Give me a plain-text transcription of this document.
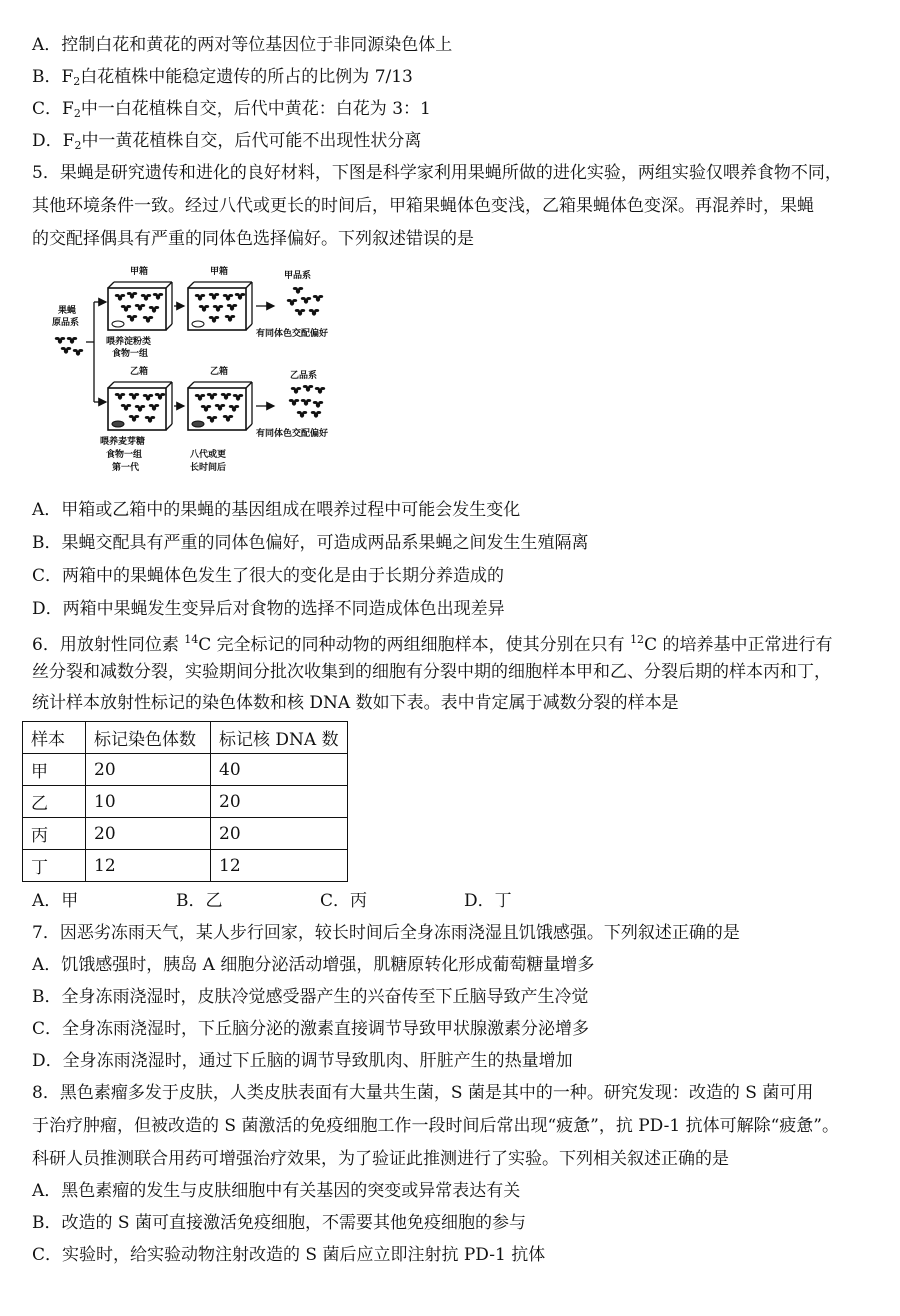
A．控制白花和黄花的两对等位基因位于非同源染色体上
B．$F_2$白花植株中能稳定遗传的所占的比例为 7/13
C．$F_2$中一白花植株自交，后代中黄花：白花为 3：1
D．$F_2$中一黄花植株自交，后代可能不出现性状分离
5．果蝇是研究遗传和进化的良好材料，下图是科学家利用果蝇所做的进化实验，两组实验仅喂养食物不同，
其他环境条件一致。经过八代或更长的时间后，甲箱果蝇体色变浅，乙箱果蝇体色变深。再混养时，果蝇
的交配择偶具有严重的同体色选择偏好。下列叙述错误的是
果蝇
原品系
甲箱	甲箱	甲品系
有同体色交配偏好
喂养淀粉类
食物一组
乙箱	乙箱	乙品系
有同体色交配偏好
喂养麦芽糖
食物一组
第一代
八代或更
长时间后
A．甲箱或乙箱中的果蝇的基因组成在喂养过程中可能会发生变化
B．果蝇交配具有严重的同体色偏好，可造成两品系果蝇之间发生生殖隔离
C．两箱中的果蝇体色发生了很大的变化是由于长期分养造成的
D．两箱中果蝇发生变异后对食物的选择不同造成体色出现差异
6．用放射性同位素 $^{14}$C 完全标记的同种动物的两组细胞样本，使其分别在只有 $^{12}$C 的培养基中正常进行有
丝分裂和减数分裂，实验期间分批次收集到的细胞有分裂中期的细胞样本甲和乙、分裂后期的样本丙和丁，
统计样本放射性标记的染色体数和核 DNA 数如下表。表中肯定属于减数分裂的样本是
样本	标记染色体数	标记核 DNA 数
甲	20	40
乙	10	20
丙	20	20
丁	12	12
A．甲	B．乙	C．丙	D．丁
7．因恶劣冻雨天气，某人步行回家，较长时间后全身冻雨浇湿且饥饿感强。下列叙述正确的是
A．饥饿感强时，胰岛 A 细胞分泌活动增强，肌糖原转化形成葡萄糖量增多
B．全身冻雨浇湿时，皮肤冷觉感受器产生的兴奋传至下丘脑导致产生冷觉
C．全身冻雨浇湿时，下丘脑分泌的激素直接调节导致甲状腺激素分泌增多
D．全身冻雨浇湿时，通过下丘脑的调节导致肌肉、肝脏产生的热量增加
8．黑色素瘤多发于皮肤，人类皮肤表面有大量共生菌，S 菌是其中的一种。研究发现：改造的 S 菌可用
于治疗肿瘤，但被改造的 S 菌激活的免疫细胞工作一段时间后常出现“疲惫”，抗 PD-1 抗体可解除“疲惫”。
科研人员推测联合用药可增强治疗效果，为了验证此推测进行了实验。下列相关叙述正确的是
A．黑色素瘤的发生与皮肤细胞中有关基因的突变或异常表达有关
B．改造的 S 菌可直接激活免疫细胞，不需要其他免疫细胞的参与
C．实验时，给实验动物注射改造的 S 菌后应立即注射抗 PD-1 抗体
